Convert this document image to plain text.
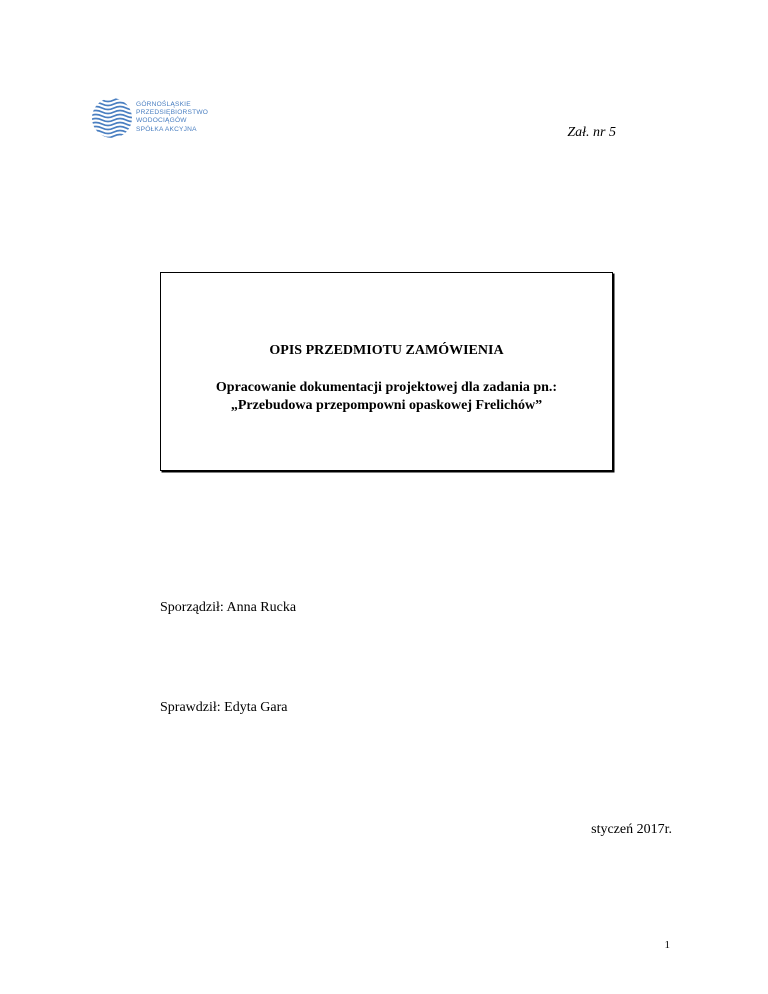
GÓRNOŚLĄSKIE
PRZEDSIĘBIORSTWO
WODOCIĄGÓW
SPÓŁKA AKCYJNA	Zał. nr 5
OPIS PRZEDMIOTU ZAMÓWIENIA
Opracowanie dokumentacji projektowej dla zadania pn.:
„Przebudowa przepompowni opaskowej Frelichów”
Sporządził: Anna Rucka
Sprawdził: Edyta Gara
styczeń 2017r.
1
